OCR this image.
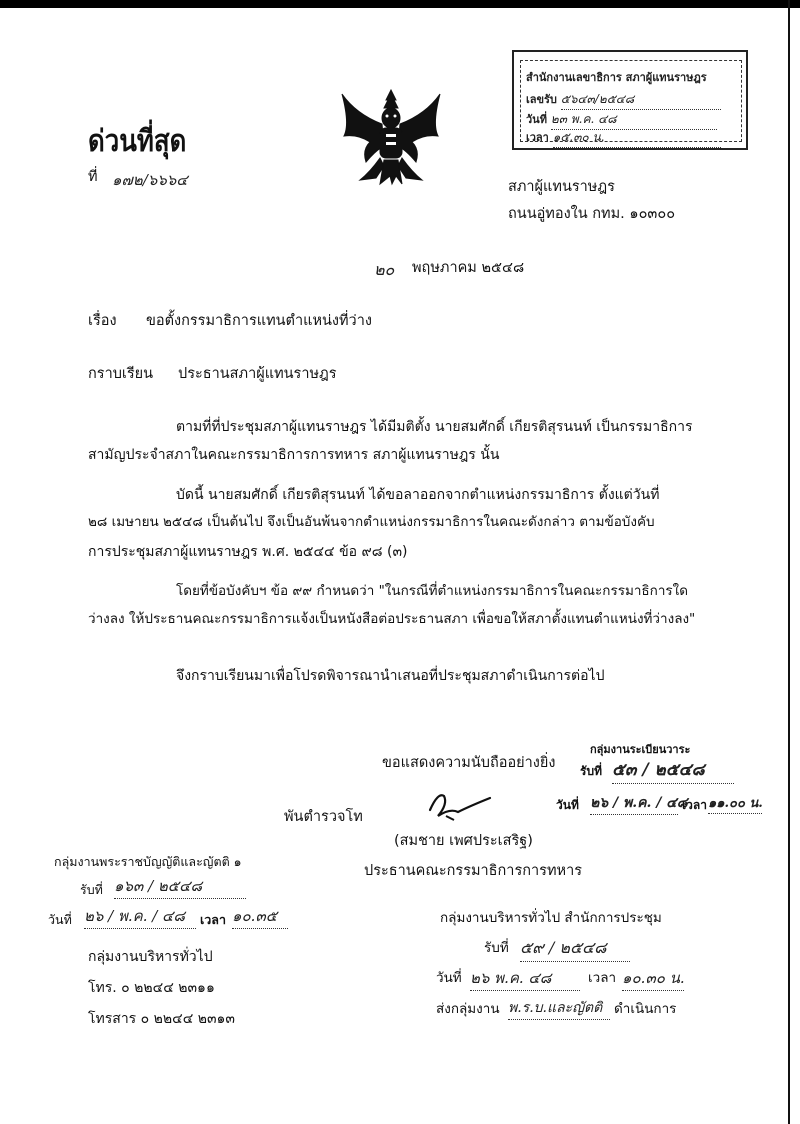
ด่วนที่สุด
ที่ ๑๗๒/๖๖๖๔
สำนักงานเลขาธิการ สภาผู้แทนราษฎร
เลขรับ ๕๖๔๓/๒๕๔๘
วันที่ ๒๓ พ.ค. ๔๘
เวลา ๑๕.๓๐ น.
สภาผู้แทนราษฎร
ถนนอู่ทองใน กทม. ๑๐๓๐๐
๒๐ พฤษภาคม ๒๕๔๘
เรื่อง ขอตั้งกรรมาธิการแทนตำแหน่งที่ว่าง
กราบเรียน ประธานสภาผู้แทนราษฎร
ตามที่ที่ประชุมสภาผู้แทนราษฎร ได้มีมติตั้ง นายสมศักดิ์ เกียรติสุรนนท์ เป็นกรรมาธิการ
สามัญประจำสภาในคณะกรรมาธิการการทหาร สภาผู้แทนราษฎร นั้น
บัดนี้ นายสมศักดิ์ เกียรติสุรนนท์ ได้ขอลาออกจากตำแหน่งกรรมาธิการ ตั้งแต่วันที่
๒๘ เมษายน ๒๕๔๘ เป็นต้นไป จึงเป็นอันพ้นจากตำแหน่งกรรมาธิการในคณะดังกล่าว ตามข้อบังคับ
การประชุมสภาผู้แทนราษฎร พ.ศ. ๒๕๔๔ ข้อ ๙๘ (๓)
โดยที่ข้อบังคับฯ ข้อ ๙๙ กำหนดว่า "ในกรณีที่ตำแหน่งกรรมาธิการในคณะกรรมาธิการใด
ว่างลง ให้ประธานคณะกรรมาธิการแจ้งเป็นหนังสือต่อประธานสภา เพื่อขอให้สภาตั้งแทนตำแหน่งที่ว่างลง"
จึงกราบเรียนมาเพื่อโปรดพิจารณานำเสนอที่ประชุมสภาดำเนินการต่อไป
ขอแสดงความนับถืออย่างยิ่ง
พันตำรวจโท
(สมชาย เพศประเสริฐ)
ประธานคณะกรรมาธิการการทหาร
กลุ่มงานระเบียนวาระ
รับที่ ๕๓ / ๒๕๔๘
วันที่ ๒๖ / พ.ค. / ๔๘
เวลา ๑๑.๐๐ น.
กลุ่มงานพระราชบัญญัติและญัตติ ๑
รับที่ ๑๖๓ / ๒๕๔๘
วันที่ ๒๖ / พ.ค. / ๔๘	เวลา ๑๐.๓๕
กลุ่มงานบริหารทั่วไป
โทร. ๐ ๒๒๔๔ ๒๓๑๑
โทรสาร ๐ ๒๒๔๔ ๒๓๑๓
กลุ่มงานบริหารทั่วไป สำนักการประชุม
รับที่ ๕๙ / ๒๕๔๘
วันที่ ๒๖ พ.ค. ๔๘	เวลา ๑๐.๓๐ น.
ส่งกลุ่มงาน พ.ร.บ.และญัตติ ดำเนินการ
